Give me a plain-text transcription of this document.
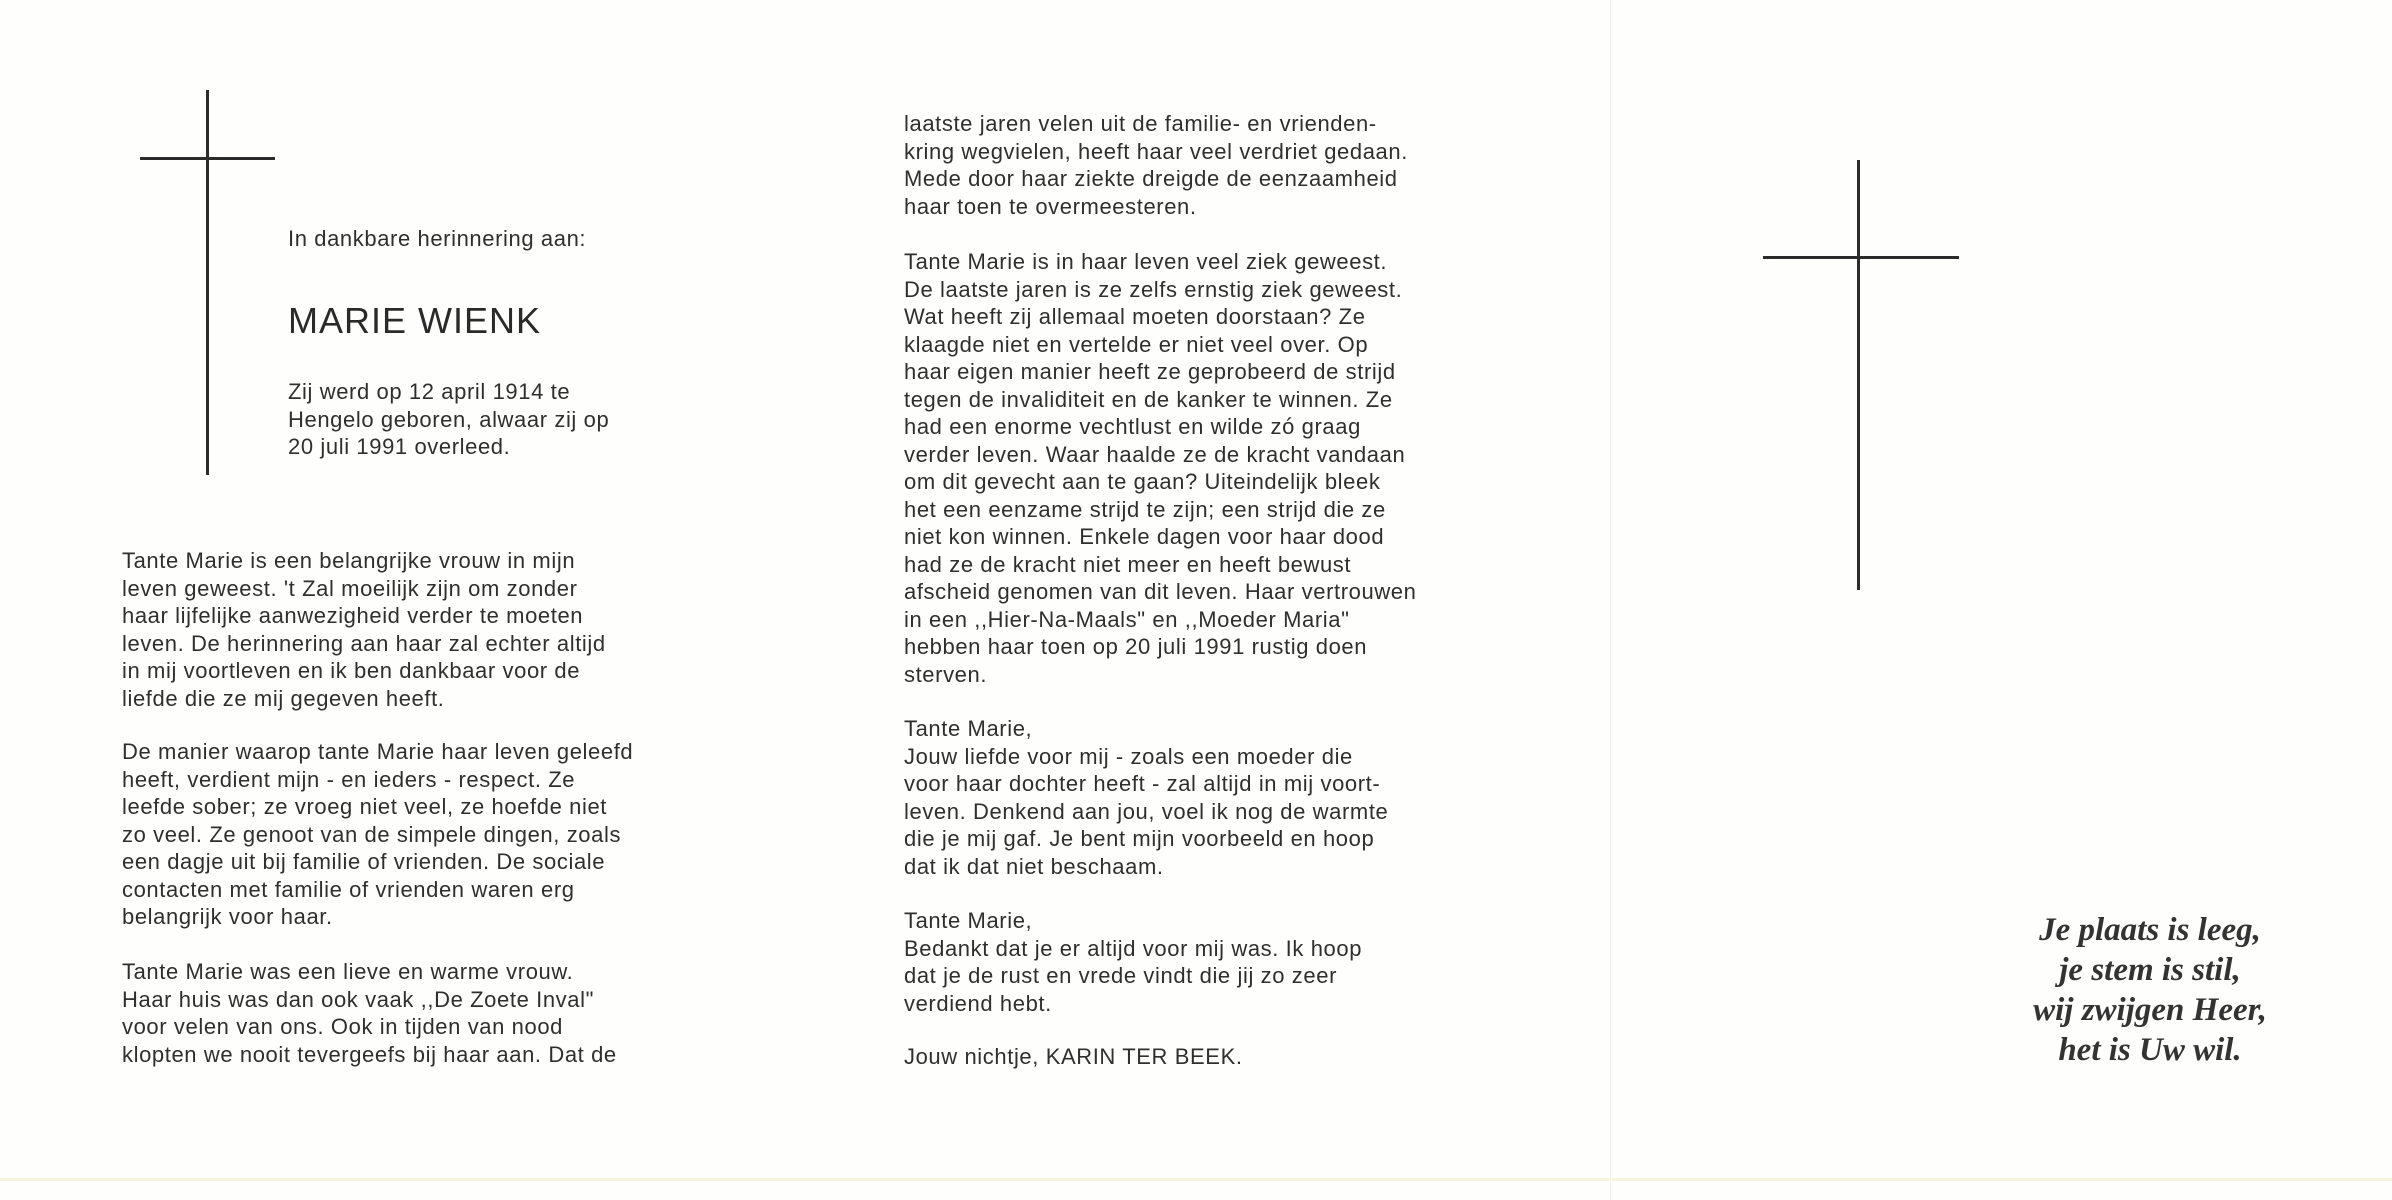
In dankbare herinnering aan:
MARIE WIENK
Zij werd op 12 april 1914 te
Hengelo geboren, alwaar zij op
20 juli 1991 overleed.
Tante Marie is een belangrijke vrouw in mijn
leven geweest. 't Zal moeilijk zijn om zonder
haar lijfelijke aanwezigheid verder te moeten
leven. De herinnering aan haar zal echter altijd
in mij voortleven en ik ben dankbaar voor de
liefde die ze mij gegeven heeft.
De manier waarop tante Marie haar leven geleefd
heeft, verdient mijn - en ieders - respect. Ze
leefde sober; ze vroeg niet veel, ze hoefde niet
zo veel. Ze genoot van de simpele dingen, zoals
een dagje uit bij familie of vrienden. De sociale
contacten met familie of vrienden waren erg
belangrijk voor haar.
Tante Marie was een lieve en warme vrouw.
Haar huis was dan ook vaak ,,De Zoete Inval"
voor velen van ons. Ook in tijden van nood
klopten we nooit tevergeefs bij haar aan. Dat de
laatste jaren velen uit de familie- en vrienden-
kring wegvielen, heeft haar veel verdriet gedaan.
Mede door haar ziekte dreigde de eenzaamheid
haar toen te overmeesteren.
Tante Marie is in haar leven veel ziek geweest.
De laatste jaren is ze zelfs ernstig ziek geweest.
Wat heeft zij allemaal moeten doorstaan? Ze
klaagde niet en vertelde er niet veel over. Op
haar eigen manier heeft ze geprobeerd de strijd
tegen de invaliditeit en de kanker te winnen. Ze
had een enorme vechtlust en wilde zó graag
verder leven. Waar haalde ze de kracht vandaan
om dit gevecht aan te gaan? Uiteindelijk bleek
het een eenzame strijd te zijn; een strijd die ze
niet kon winnen. Enkele dagen voor haar dood
had ze de kracht niet meer en heeft bewust
afscheid genomen van dit leven. Haar vertrouwen
in een ,,Hier-Na-Maals" en ,,Moeder Maria"
hebben haar toen op 20 juli 1991 rustig doen
sterven.
Tante Marie,
Jouw liefde voor mij - zoals een moeder die
voor haar dochter heeft - zal altijd in mij voort-
leven. Denkend aan jou, voel ik nog de warmte
die je mij gaf. Je bent mijn voorbeeld en hoop
dat ik dat niet beschaam.
Tante Marie,
Bedankt dat je er altijd voor mij was. Ik hoop
dat je de rust en vrede vindt die jij zo zeer
verdiend hebt.
Jouw nichtje, KARIN TER BEEK.
Je plaats is leeg,
je stem is stil,
wij zwijgen Heer,
het is Uw wil.
